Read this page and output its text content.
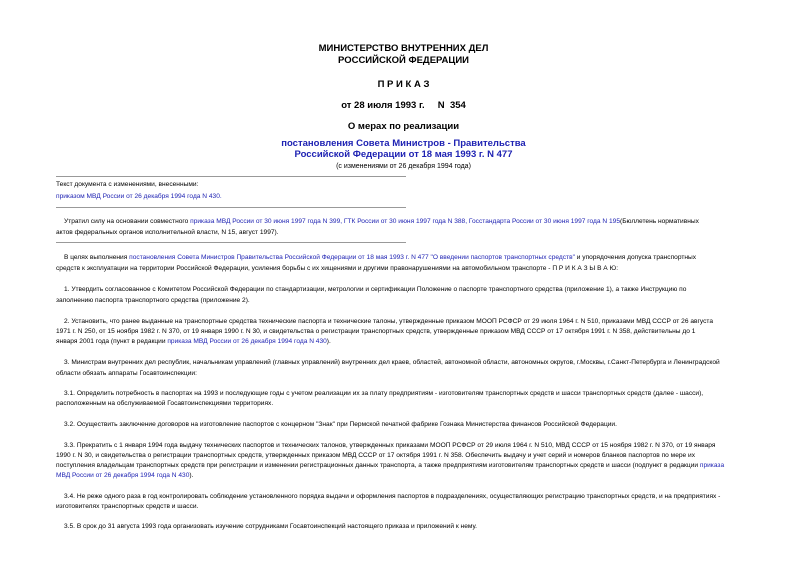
МИНИСТЕРСТВО ВНУТРЕННИХ ДЕЛ
РОССИЙСКОЙ ФЕДЕРАЦИИ
П Р И К А З
от 28 июля 1993 г.     N  354
О мерах по реализации
постановления Совета Министров - Правительства
Российской Федерации от 18 мая 1993 г. N 477
(с изменениями от 26 декабря 1994 года)
Текст документа с изменениями, внесенными:
приказом МВД России от 26 декабря 1994 года N 430.
Утратил силу на основании совместного приказа МВД России от 30 июня 1997 года N 399, ГТК России от 30 июня 1997 года N 388, Госстандарта России от 30 июня 1997 года N 195(Бюллетень нормативных
актов федеральных органов исполнительной власти, N 15, август 1997).
В целях выполнения постановления Совета Министров Правительства Российской Федерации от 18 мая 1993 г. N 477 "О введении паспортов транспортных средств" и упорядочения допуска транспортных
средств к эксплуатации на территории Российской Федерации, усиления борьбы с их хищениями и другими правонарушениями на автомобильном транспорте - П Р И К А З Ы В А Ю:
1. Утвердить согласованное с Комитетом Российской Федерации по стандартизации, метрологии и сертификации Положение о паспорте транспортного средства (приложение 1), а также Инструкцию по
заполнению паспорта транспортного средства (приложение 2).
2. Установить, что ранее выданные на транспортные средства технические паспорта и технические талоны, утвержденные приказом МООП РСФСР от 29 июля 1964 г. N 510, приказами МВД СССР от 26 августа
1971 г. N 250, от 15 ноября 1982 г. N 370, от 19 января 1990 г. N 30, и свидетельства о регистрации транспортных средств, утвержденные приказом МВД СССР от 17 октября 1991 г. N 358, действительны до 1
января 2001 года (пункт в редакции приказа МВД России от 26 декабря 1994 года N 430).
3. Министрам внутренних дел республик, начальникам управлений (главных управлений) внутренних дел краев, областей, автономной области, автономных округов, г.Москвы, г.Санкт-Петербурга и Ленинградской
области обязать аппараты Госавтоинспекции:
3.1. Определить потребность в паспортах на 1993 и последующие годы с учетом реализации их за плату предприятиям - изготовителям транспортных средств и шасси транспортных средств (далее - шасси),
расположенным на обслуживаемой Госавтоинспекциями территориях.
3.2. Осуществить заключение договоров на изготовление паспортов с концерном "Знак" при Пермской печатной фабрике Гознака Министерства финансов Российской Федерации.
3.3. Прекратить с 1 января 1994 года выдачу технических паспортов и технических талонов, утвержденных приказами МООП РСФСР от 29 июля 1964 г. N 510, МВД СССР от 15 ноября 1982 г. N 370, от 19 января
1990 г. N 30, и свидетельства о регистрации транспортных средств, утвержденных приказом МВД СССР от 17 октября 1991 г. N 358. Обеспечить выдачу и учет серий и номеров бланков паспортов по мере их
поступления владельцам транспортных средств при регистрации и изменении регистрационных данных транспорта, а также предприятиям изготовителям транспортных средств и шасси (подпункт в редакции приказа
МВД России от 26 декабря 1994 года N 430).
3.4. Не реже одного раза в год контролировать соблюдение установленного порядка выдачи и оформления паспортов в подразделениях, осуществляющих регистрацию транспортных средств, и на предприятиях -
изготовителях транспортных средств и шасси.
3.5. В срок до 31 августа 1993 года организовать изучение сотрудниками Госавтоинспекций настоящего приказа и приложений к нему.
